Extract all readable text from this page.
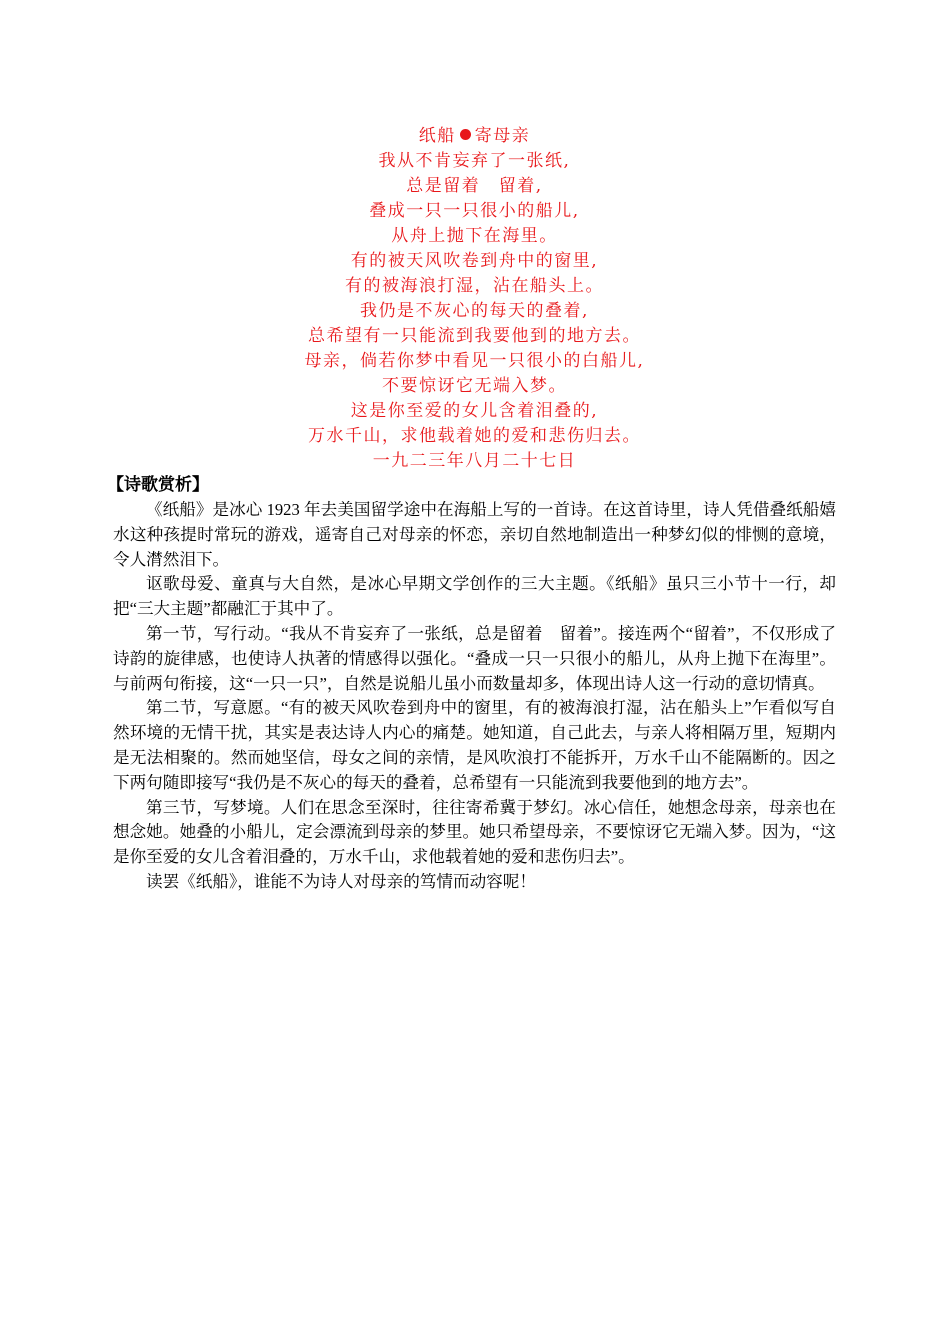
纸船 寄母亲
我从不肯妄弃了一张纸,
总是留着　留着,
叠成一只一只很小的船儿,
从舟上抛下在海里。
有的被天风吹卷到舟中的窗里,
有的被海浪打湿，沾在船头上。
我仍是不灰心的每天的叠着,
总希望有一只能流到我要他到的地方去。
母亲，倘若你梦中看见一只很小的白船儿,
不要惊讶它无端入梦。
这是你至爱的女儿含着泪叠的,
万水千山，求他载着她的爱和悲伤归去。
一九二三年八月二十七日
【诗歌赏析】

《纸船》是冰心 1923 年去美国留学途中在海船上写的一首诗。在这首诗里，诗人凭借叠纸船嬉水这种孩提时常玩的游戏，遥寄自己对母亲的怀恋，亲切自然地制造出一种梦幻似的悱恻的意境，令人潸然泪下。

讴歌母爱、童真与大自然，是冰心早期文学创作的三大主题。《纸船》虽只三小节十一行，却把“三大主题”都融汇于其中了。

第一节，写行动。“我从不肯妄弃了一张纸，总是留着　留着”。接连两个“留着”，不仅形成了诗韵的旋律感，也使诗人执著的情感得以强化。“叠成一只一只很小的船儿，从舟上抛下在海里”。与前两句衔接，这“一只一只”，自然是说船儿虽小而数量却多，体现出诗人这一行动的意切情真。

第二节，写意愿。“有的被天风吹卷到舟中的窗里，有的被海浪打湿，沾在船头上”乍看似写自然环境的无情干扰，其实是表达诗人内心的痛楚。她知道，自己此去，与亲人将相隔万里，短期内是无法相聚的。然而她坚信，母女之间的亲情，是风吹浪打不能拆开，万水千山不能隔断的。因之下两句随即接写“我仍是不灰心的每天的叠着，总希望有一只能流到我要他到的地方去”。

第三节，写梦境。人们在思念至深时，往往寄希冀于梦幻。冰心信任，她想念母亲，母亲也在想念她。她叠的小船儿，定会漂流到母亲的梦里。她只希望母亲，不要惊讶它无端入梦。因为，“这是你至爱的女儿含着泪叠的，万水千山，求他载着她的爱和悲伤归去”。

读罢《纸船》，谁能不为诗人对母亲的笃情而动容呢！
